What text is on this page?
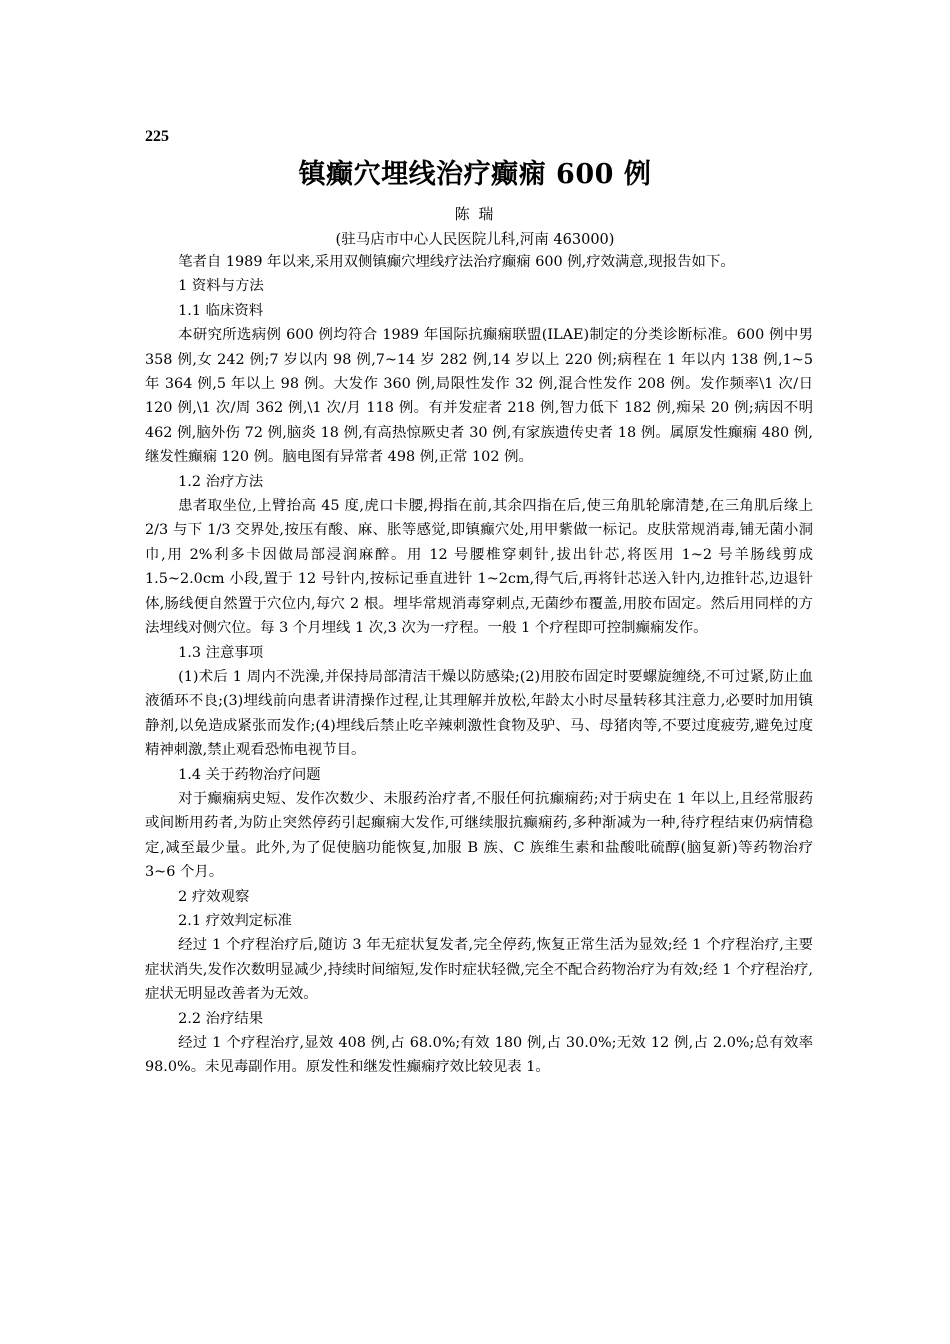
225
镇癫穴埋线治疗癫痫 600 例
陈 瑞
(驻马店市中心人民医院儿科,河南 463000)

笔者自 1989 年以来,采用双侧镇癫穴埋线疗法治疗癫痫 600 例,疗效满意,现报告如下。

1 资料与方法
1.1 临床资料

本研究所选病例 600 例均符合 1989 年国际抗癫痫联盟(ILAE)制定的分类诊断标准。600 例中男 358 例,女 242 例;7 岁以内 98 例,7~14 岁 282 例,14 岁以上 220 例;病程在 1 年以内 138 例,1~5 年 364 例,5 年以上 98 例。大发作 360 例,局限性发作 32 例,混合性发作 208 例。发作频率\1 次/日 120 例,\1 次/周 362 例,\1 次/月 118 例。有并发症者 218 例,智力低下 182 例,痴呆 20 例;病因不明 462 例,脑外伤 72 例,脑炎 18 例,有高热惊厥史者 30 例,有家族遗传史者 18 例。属原发性癫痫 480 例,继发性癫痫 120 例。脑电图有异常者 498 例,正常 102 例。

1.2 治疗方法

患者取坐位,上臂抬高 45 度,虎口卡腰,拇指在前,其余四指在后,使三角肌轮廓清楚,在三角肌后缘上 2/3 与下 1/3 交界处,按压有酸、麻、胀等感觉,即镇癫穴处,用甲紫做一标记。皮肤常规消毒,铺无菌小洞巾,用 2%利多卡因做局部浸润麻醉。用 12 号腰椎穿刺针,拔出针芯,将医用 1~2 号羊肠线剪成 1.5~2.0cm 小段,置于 12 号针内,按标记垂直进针 1~2cm,得气后,再将针芯送入针内,边推针芯,边退针体,肠线便自然置于穴位内,每穴 2 根。埋毕常规消毒穿刺点,无菌纱布覆盖,用胶布固定。然后用同样的方法埋线对侧穴位。每 3 个月埋线 1 次,3 次为一疗程。一般 1 个疗程即可控制癫痫发作。

1.3 注意事项

(1)术后 1 周内不洗澡,并保持局部清洁干燥以防感染;(2)用胶布固定时要螺旋缠绕,不可过紧,防止血液循环不良;(3)埋线前向患者讲清操作过程,让其理解并放松,年龄太小时尽量转移其注意力,必要时加用镇静剂,以免造成紧张而发作;(4)埋线后禁止吃辛辣刺激性食物及驴、马、母猪肉等,不要过度疲劳,避免过度精神刺激,禁止观看恐怖电视节目。

1.4 关于药物治疗问题

对于癫痫病史短、发作次数少、未服药治疗者,不服任何抗癫痫药;对于病史在 1 年以上,且经常服药或间断用药者,为防止突然停药引起癫痫大发作,可继续服抗癫痫药,多种渐减为一种,待疗程结束仍病情稳定,减至最少量。此外,为了促使脑功能恢复,加服 B 族、C 族维生素和盐酸吡硫醇(脑复新)等药物治疗 3~6 个月。

2 疗效观察
2.1 疗效判定标准

经过 1 个疗程治疗后,随访 3 年无症状复发者,完全停药,恢复正常生活为显效;经 1 个疗程治疗,主要症状消失,发作次数明显减少,持续时间缩短,发作时症状轻微,完全不配合药物治疗为有效;经 1 个疗程治疗,症状无明显改善者为无效。

2.2 治疗结果

经过 1 个疗程治疗,显效 408 例,占 68.0%;有效 180 例,占 30.0%;无效 12 例,占 2.0%;总有效率 98.0%。未见毒副作用。原发性和继发性癫痫疗效比较见表 1。
